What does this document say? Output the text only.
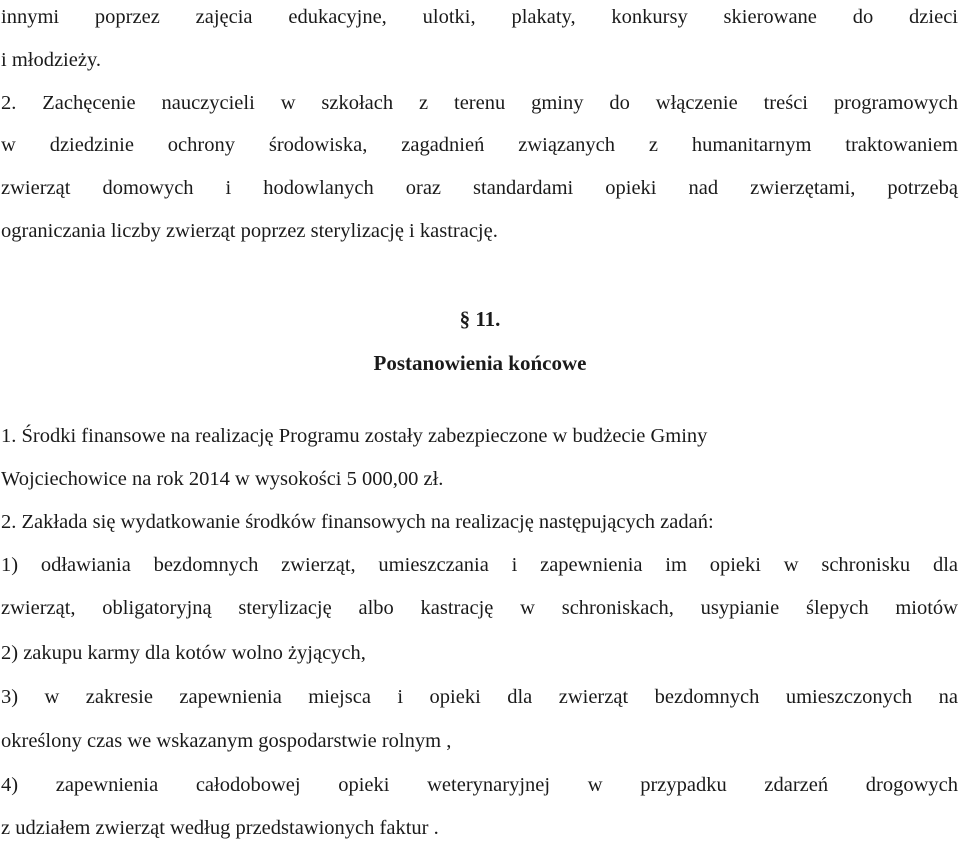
innymi poprzez zajęcia edukacyjne, ulotki, plakaty, konkursy skierowane do dzieci
i młodzieży.
2. Zachęcenie nauczycieli w szkołach z terenu gminy do włączenie treści programowych
w dziedzinie ochrony środowiska, zagadnień związanych z humanitarnym traktowaniem
zwierząt domowych i hodowlanych oraz standardami opieki nad zwierzętami, potrzebą
ograniczania liczby zwierząt poprzez sterylizację i kastrację.
§ 11.
Postanowienia końcowe
1. Środki finansowe na realizację Programu zostały zabezpieczone w budżecie Gminy
Wojciechowice na rok 2014 w wysokości 5 000,00 zł.
2. Zakłada się wydatkowanie środków finansowych na realizację następujących zadań:
1) odławiania bezdomnych zwierząt, umieszczania i zapewnienia im opieki w schronisku dla
zwierząt, obligatoryjną sterylizację albo kastrację w schroniskach, usypianie ślepych miotów
2) zakupu karmy dla kotów wolno żyjących,
3) w zakresie zapewnienia miejsca i opieki dla zwierząt bezdomnych umieszczonych na
określony czas we wskazanym gospodarstwie rolnym ,
4) zapewnienia całodobowej opieki weterynaryjnej w przypadku zdarzeń drogowych
z udziałem zwierząt według przedstawionych faktur .
